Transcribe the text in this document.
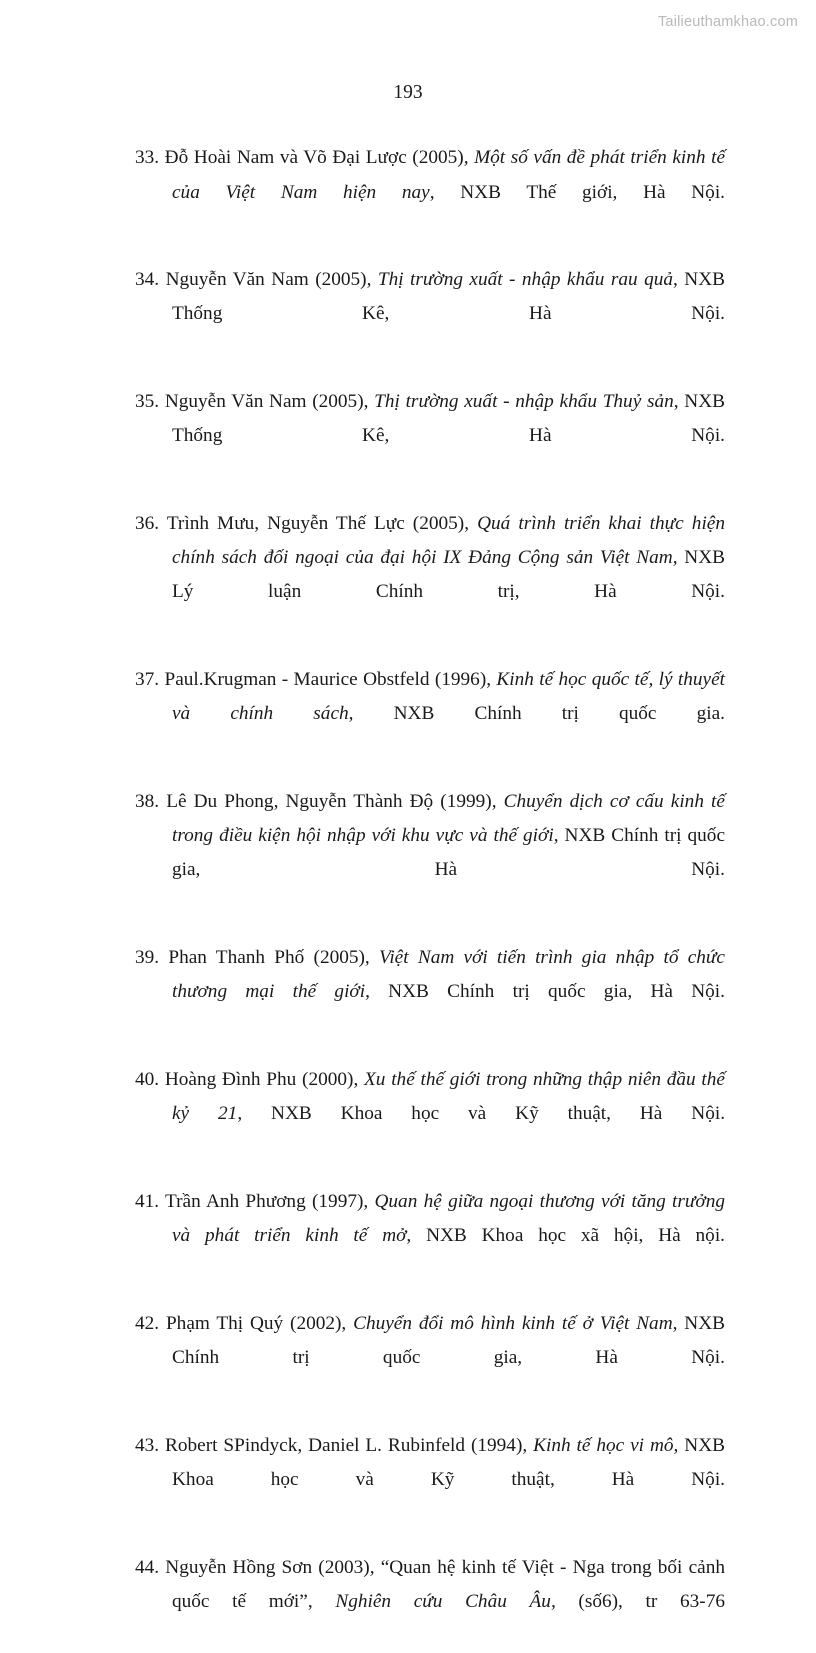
Tailieuthamkhao.com
193

33. Đỗ Hoài Nam và Võ Đại Lược (2005), Một số vấn đề phát triển kinh tế của Việt Nam hiện nay, NXB Thế giới, Hà Nội.

34. Nguyễn Văn Nam (2005), Thị trường xuất - nhập khẩu rau quả, NXB Thống Kê, Hà Nội.

35. Nguyễn Văn Nam (2005), Thị trường xuất - nhập khẩu Thuỷ sản, NXB Thống Kê, Hà Nội.

36. Trình Mưu, Nguyễn Thế Lực (2005), Quá trình triển khai thực hiện chính sách đối ngoại của đại hội IX Đảng Cộng sản Việt Nam, NXB Lý luận Chính trị, Hà Nội.

37. Paul.Krugman - Maurice Obstfeld (1996), Kinh tế học quốc tế, lý thuyết và chính sách, NXB Chính trị quốc gia.

38. Lê Du Phong, Nguyễn Thành Độ (1999), Chuyển dịch cơ cấu kinh tế trong điều kiện hội nhập với khu vực và thế giới, NXB Chính trị quốc gia, Hà Nội.

39. Phan Thanh Phố (2005), Việt Nam với tiến trình gia nhập tổ chức thương mại thế giới, NXB Chính trị quốc gia, Hà Nội.

40. Hoàng Đình Phu (2000), Xu thế thế giới trong những thập niên đầu thế kỷ 21, NXB Khoa học và Kỹ thuật, Hà Nội.

41. Trần Anh Phương (1997), Quan hệ giữa ngoại thương với tăng trưởng và phát triển kinh tế mở, NXB Khoa học xã hội, Hà nội.

42. Phạm Thị Quý (2002), Chuyển đổi mô hình kinh tế ở Việt Nam, NXB Chính trị quốc gia, Hà Nội.

43. Robert SPindyck, Daniel L. Rubinfeld (1994), Kinh tế học vi mô, NXB Khoa học và Kỹ thuật, Hà Nội.

44. Nguyễn Hồng Sơn (2003), “Quan hệ kinh tế Việt - Nga trong bối cảnh quốc tế mới”, Nghiên cứu Châu Âu, (số6), tr 63-76
